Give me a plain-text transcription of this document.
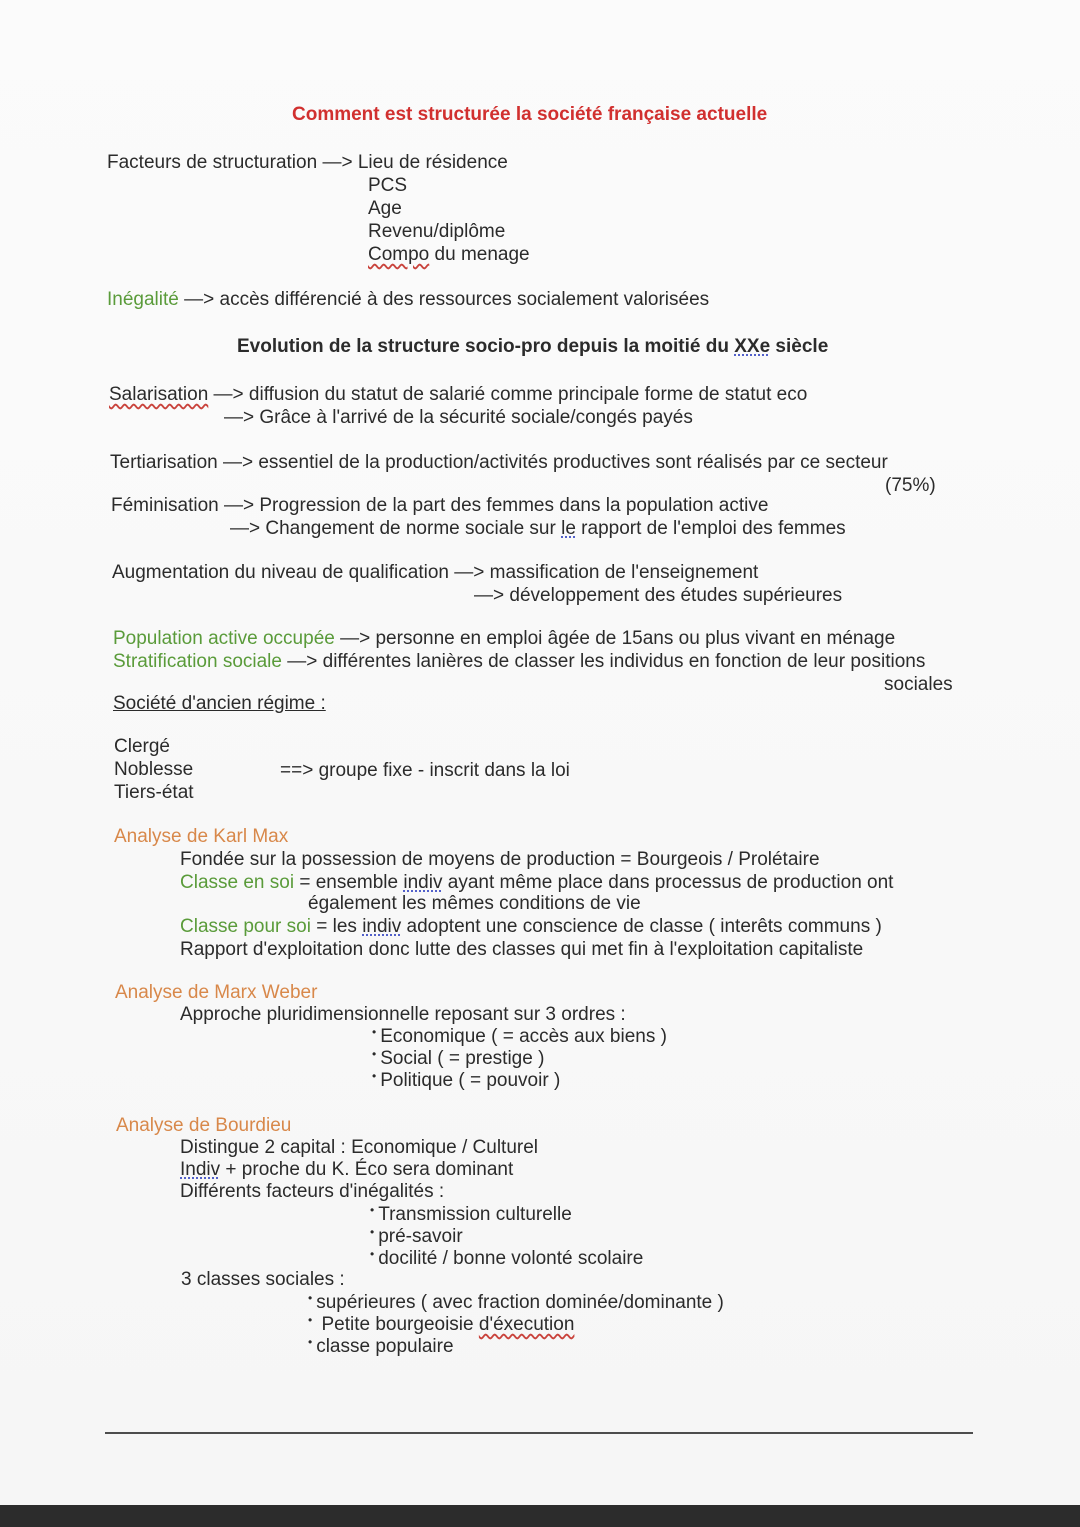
Comment est structurée la société française actuelle
Facteurs de structuration —> Lieu de résidence
PCS
Age
Revenu/diplôme
Compo du menage
Inégalité —> accès différencié à des ressources socialement valorisées
Evolution de la structure socio-pro depuis la moitié du XXe siècle
Salarisation —> diffusion du statut de salarié comme principale forme de statut eco
—> Grâce à l'arrivé de la sécurité sociale/congés payés
Tertiarisation —> essentiel de la production/activités productives sont réalisés par ce secteur
(75%)
Féminisation —> Progression de la part des femmes dans la population active
—> Changement de norme sociale sur le rapport de l'emploi des femmes
Augmentation du niveau de qualification —> massification de l'enseignement
—> développement des études supérieures
Population active occupée —> personne en emploi âgée de 15ans ou plus vivant en ménage
Stratification sociale —> différentes lanières de classer les individus en fonction de leur positions
sociales
Société d'ancien régime :
Clergé
Noblesse
Tiers-état
==> groupe fixe - inscrit dans la loi
Analyse de Karl Max
Fondée sur la possession de moyens de production = Bourgeois / Prolétaire
Classe en soi = ensemble indiv ayant même place dans processus de production ont
également les mêmes conditions de vie
Classe pour soi = les indiv adoptent une conscience de classe ( interêts communs )
Rapport d'exploitation donc lutte des classes qui met fin à l'exploitation capitaliste
Analyse de Marx Weber
Approche pluridimensionnelle reposant sur 3 ordres :
• Economique ( = accès aux biens )
• Social ( = prestige )
• Politique ( = pouvoir )
Analyse de Bourdieu
Distingue 2 capital : Economique / Culturel
Indiv + proche du K. Éco sera dominant
Différents facteurs d'inégalités :
• Transmission culturelle
• pré-savoir
• docilité / bonne volonté scolaire
3 classes sociales :
• supérieures ( avec fraction dominée/dominante )
• Petite bourgeoisie d'éxecution
• classe populaire
